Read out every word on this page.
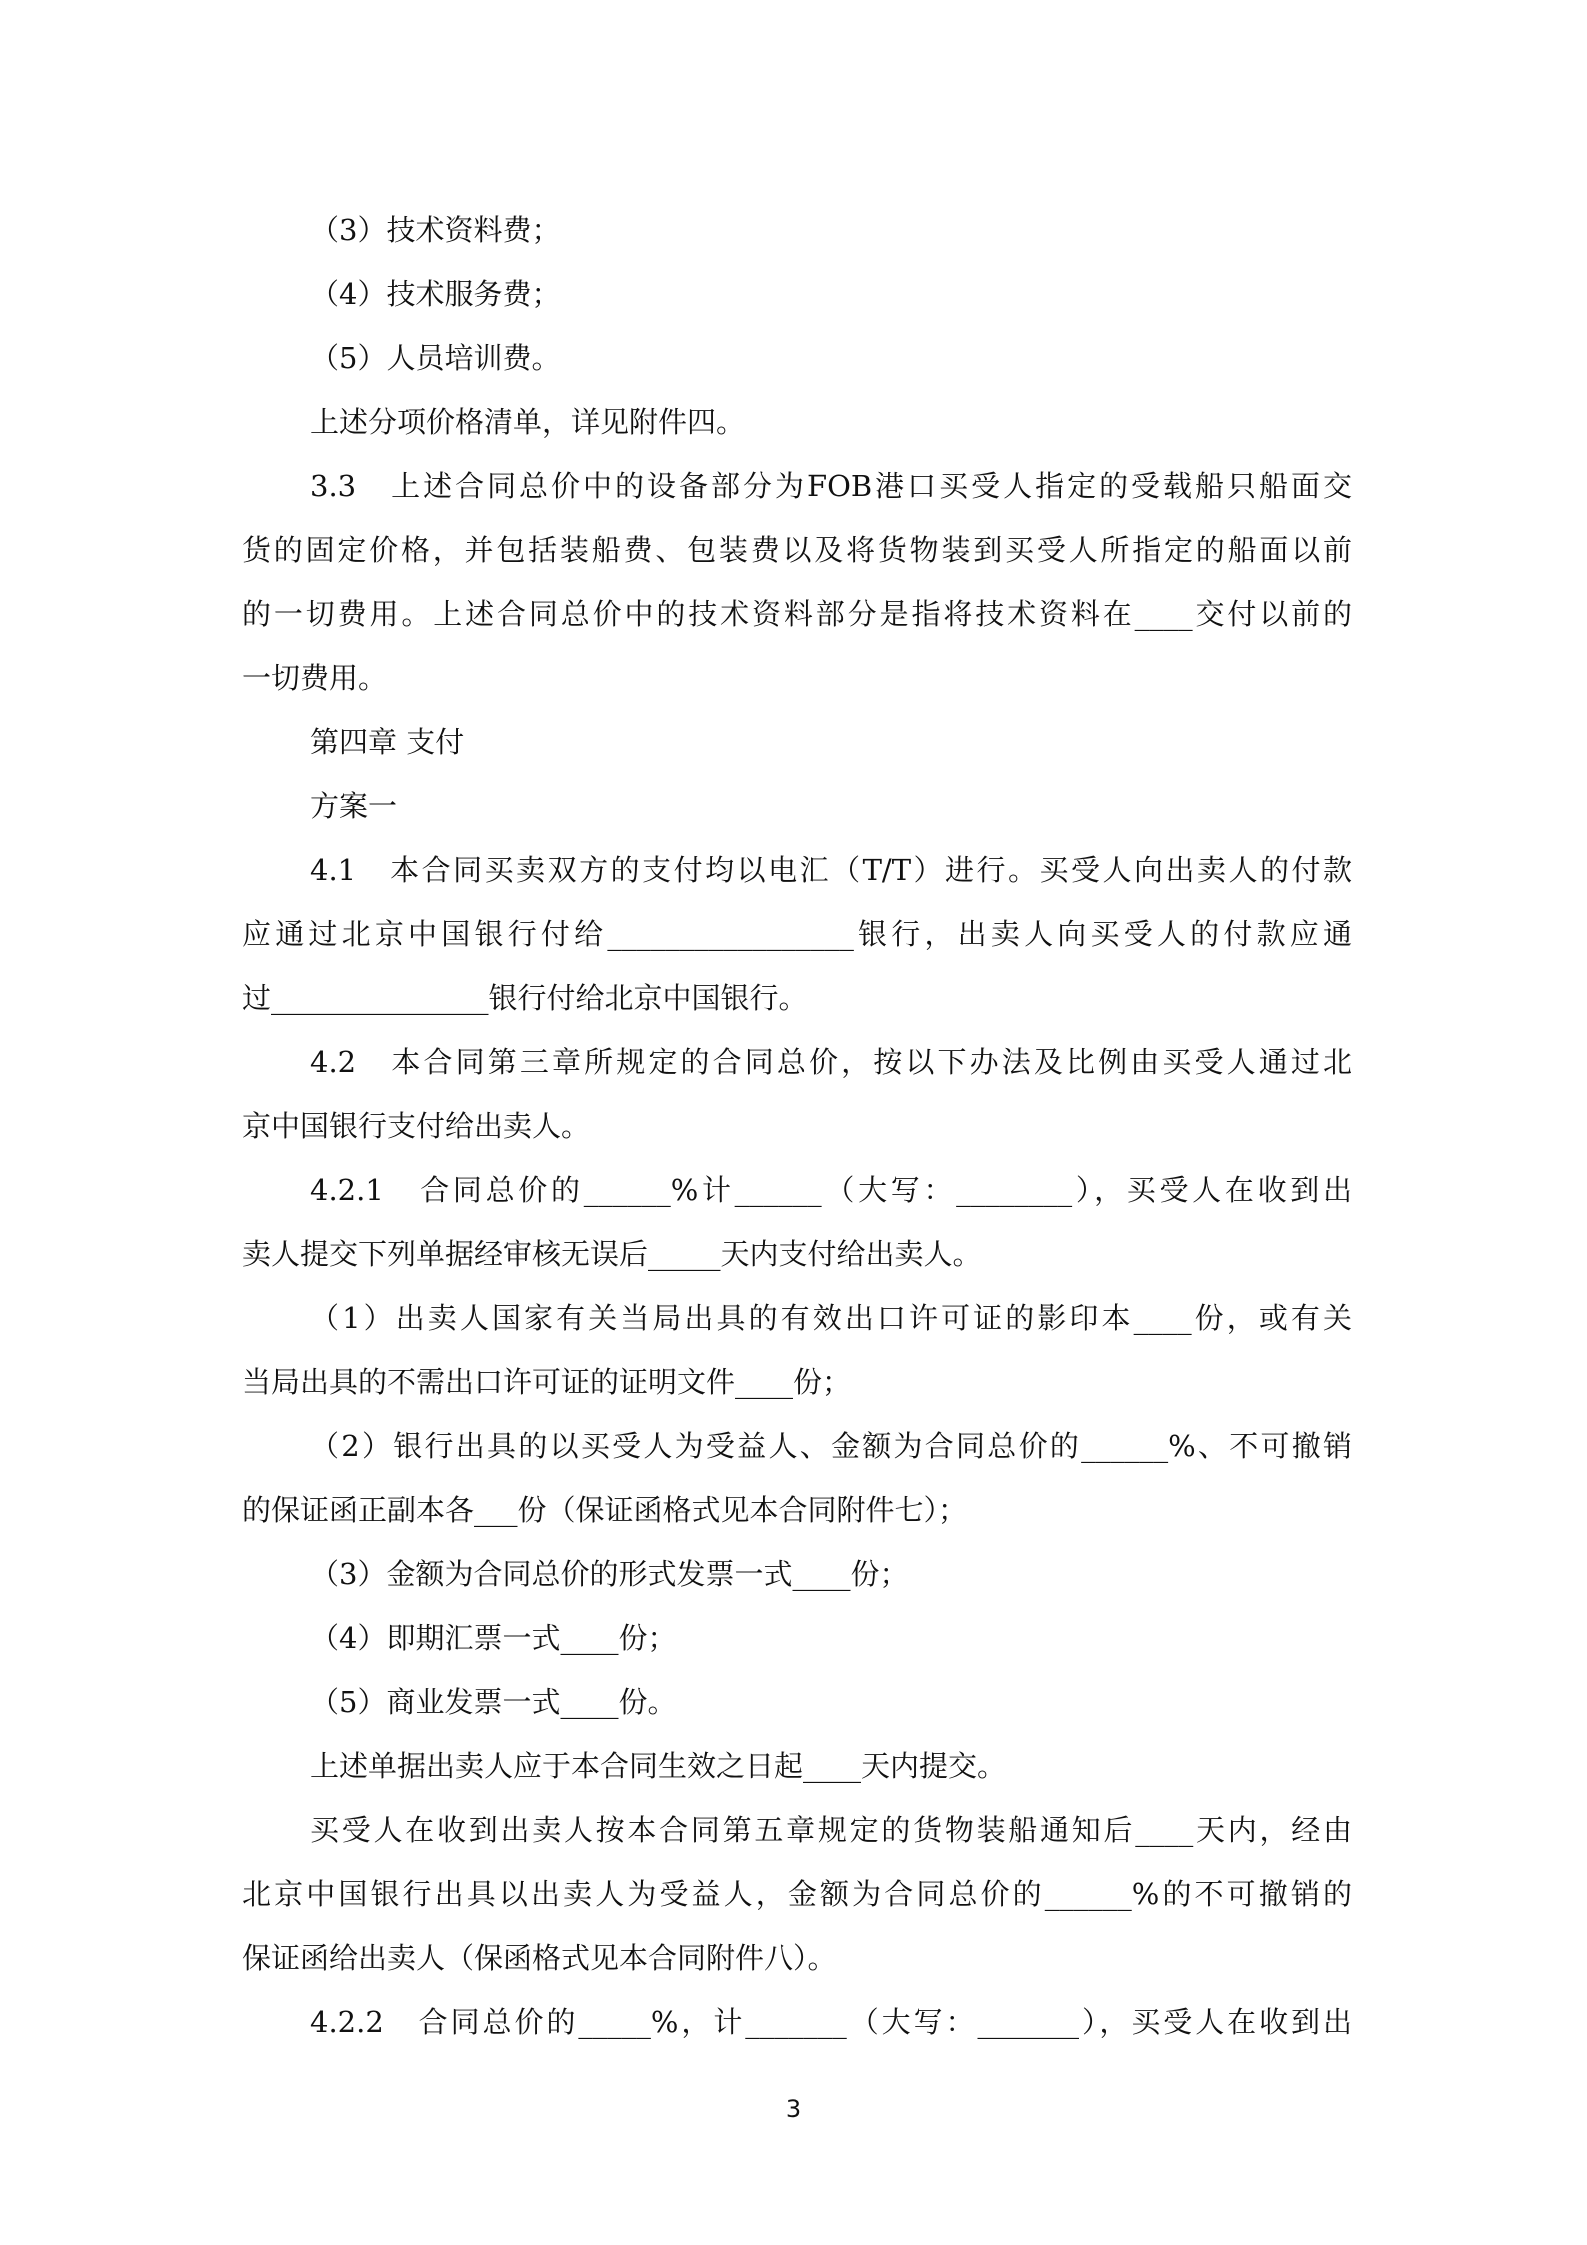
（3）技术资料费；
（4）技术服务费；
（5）人员培训费。
上述分项价格清单，详见附件四。
3.3　上述合同总价中的设备部分为FOB港口买受人指定的受载船只船面交
货的固定价格，并包括装船费、包装费以及将货物装到买受人所指定的船面以前
的一切费用。上述合同总价中的技术资料部分是指将技术资料在____交付以前的
一切费用。
第四章 支付
方案一
4.1　本合同买卖双方的支付均以电汇（T/T）进行。买受人向出卖人的付款
应通过北京中国银行付给_________________银行，出卖人向买受人的付款应通
过_______________银行付给北京中国银行。
4.2　本合同第三章所规定的合同总价，按以下办法及比例由买受人通过北
京中国银行支付给出卖人。
4.2.1　合同总价的______%计______（大写：________），买受人在收到出
卖人提交下列单据经审核无误后_____天内支付给出卖人。
（1）出卖人国家有关当局出具的有效出口许可证的影印本____份，或有关
当局出具的不需出口许可证的证明文件____份；
（2）银行出具的以买受人为受益人、金额为合同总价的______%、不可撤销
的保证函正副本各___份（保证函格式见本合同附件七）；
（3）金额为合同总价的形式发票一式____份；
（4）即期汇票一式____份；
（5）商业发票一式____份。
上述单据出卖人应于本合同生效之日起____天内提交。
买受人在收到出卖人按本合同第五章规定的货物装船通知后____天内，经由
北京中国银行出具以出卖人为受益人，金额为合同总价的______%的不可撤销的
保证函给出卖人（保函格式见本合同附件八）。
4.2.2　合同总价的_____%，计_______（大写：_______），买受人在收到出
3
